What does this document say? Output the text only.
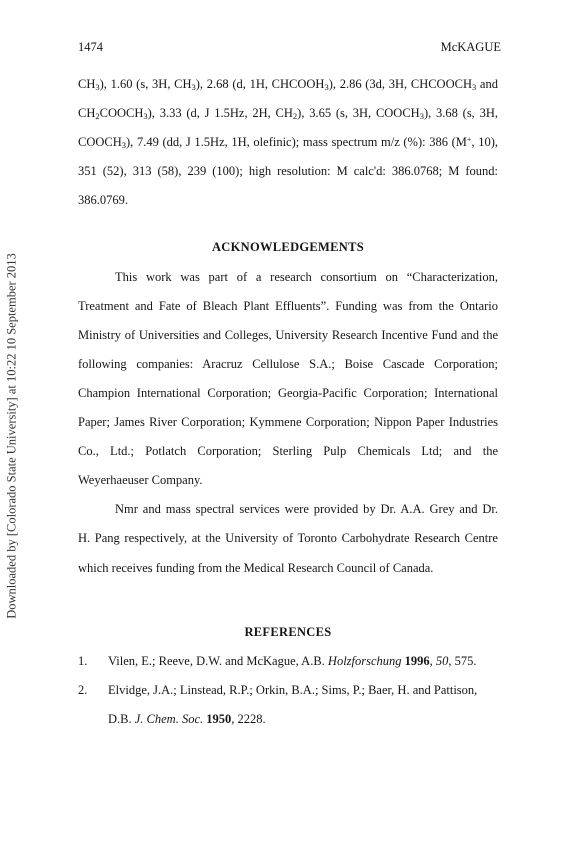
Downloaded by [Colorado State University] at 10:22 10 September 2013
1474	McKAGUE

$CH_3$), 1.60 (s, 3H, $CH_3$), 2.68 (d, 1H, $CHCOOH_3$), 2.86 (3d, 3H, $CHCOOCH_3$ and

$CH_2COOCH_3$), 3.33 (d, J 1.5Hz, 2H, $CH_2$), 3.65 (s, 3H, $COOCH_3$), 3.68 (s, 3H,

$COOCH_3$), 7.49 (dd, J 1.5Hz, 1H, olefinic); mass spectrum m/z (%): 386 (M+, 10),

351 (52), 313 (58), 239 (100); high resolution: M calc'd: 386.0768; M found:

386.0769.

ACKNOWLEDGEMENTS

This work was part of a research consortium on “Characterization,

Treatment and Fate of Bleach Plant Effluents”. Funding was from the Ontario

Ministry of Universities and Colleges, University Research Incentive Fund and the

following companies: Aracruz Cellulose S.A.; Boise Cascade Corporation;

Champion International Corporation; Georgia-Pacific Corporation; International

Paper; James River Corporation; Kymmene Corporation; Nippon Paper Industries

Co., Ltd.; Potlatch Corporation; Sterling Pulp Chemicals Ltd; and the

Weyerhaeuser Company.

Nmr and mass spectral services were provided by Dr. A.A. Grey and Dr.

H. Pang respectively, at the University of Toronto Carbohydrate Research Centre

which receives funding from the Medical Research Council of Canada.

REFERENCES

1.	Vilen, E.; Reeve, D.W. and McKague, A.B. Holzforschung 1996, 50, 575.
2.	Elvidge, J.A.; Linstead, R.P.; Orkin, B.A.; Sims, P.; Baer, H. and Pattison,
D.B. J. Chem. Soc. 1950, 2228.
